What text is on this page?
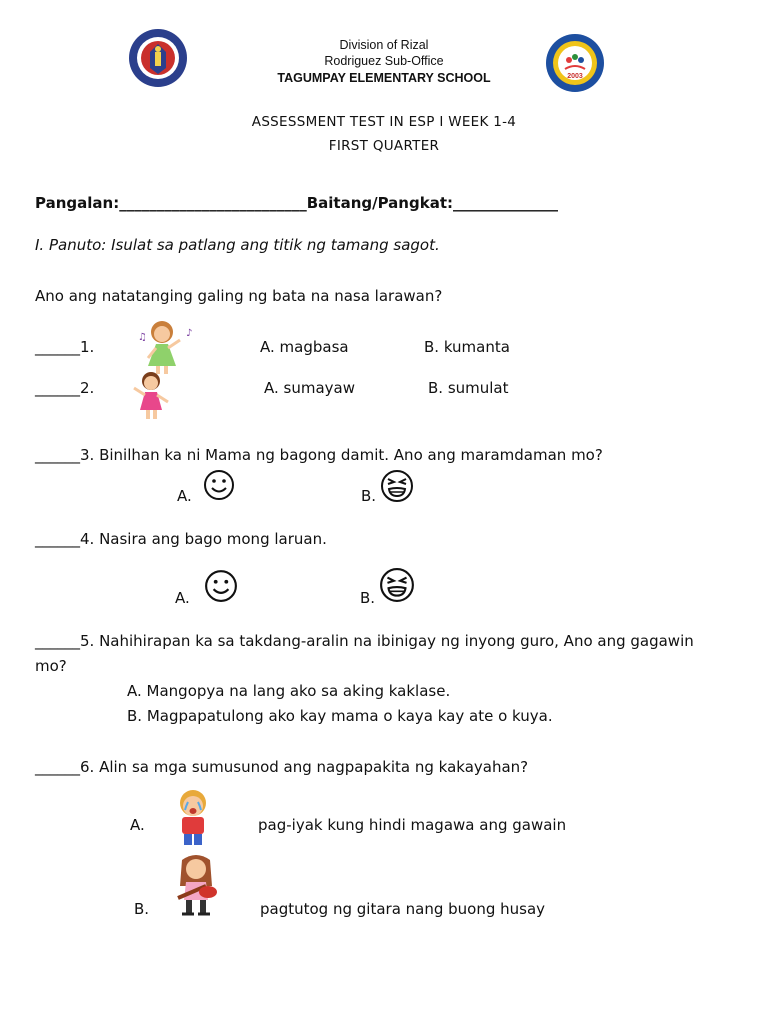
2003
Division of Rizal
Rodriguez Sub-Office
TAGUMPAY ELEMENTARY SCHOOL
ASSESSMENT TEST IN ESP I WEEK 1-4
FIRST QUARTER
Pangalan:_________________________Baitang/Pangkat:______________
I. Panuto: Isulat sa patlang ang titik ng tamang sagot.
Ano ang natatanging galing ng bata na nasa larawan?
______1.
♪
♫
A. magbasa	B. kumanta
______2.	A. sumayaw	B. sumulat
______3. Binilhan ka ni Mama ng bagong damit. Ano ang maramdaman mo?
A.	B.
______4. Nasira ang bago mong laruan.
A.	B.
______5. Nahihirapan ka sa takdang-aralin na ibinigay ng inyong guro, Ano ang gagawin
mo?
A. Mangopya na lang ako sa aking kaklase.
B. Magpapatulong ako kay mama o kaya kay ate o kuya.
______6. Alin sa mga sumusunod ang nagpapakita ng kakayahan?
A.	pag-iyak kung hindi magawa ang gawain
B.	pagtutog ng gitara nang buong husay
